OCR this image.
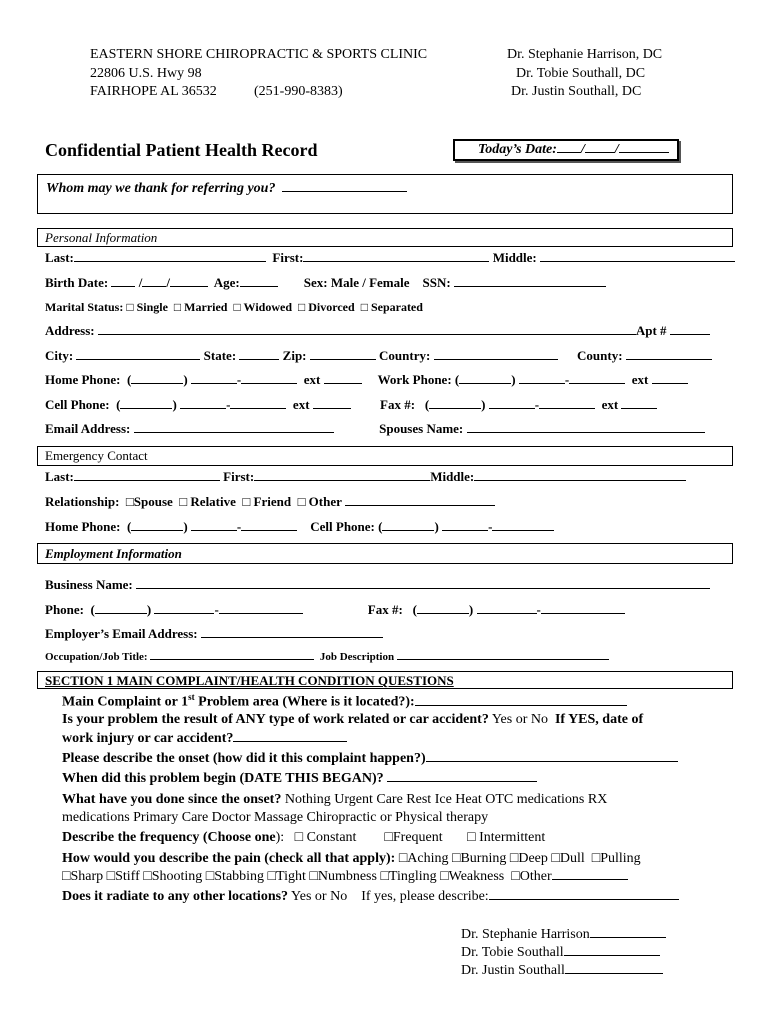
EASTERN SHORE CHIROPRACTIC & SPORTS CLINIC
22806 U.S. Hwy 98
FAIRHOPE AL 36532	(251-990-8383)
Dr. Stephanie Harrison, DC
Dr. Tobie Southall, DC
Dr. Justin Southall, DC
Confidential Patient Health Record	Today’s Date: / /
Whom may we thank for referring you?
Personal Information
Last:	First:	Middle:
Birth Date:  / /	Age:	Sex: Male / Female SSN:
Marital Status: □ Single □ Married □ Widowed □ Divorced □ Separated
Address:	Apt #
City:	State:	Zip:	Country:	County:
Home Phone:  (	)	-	ext	Work Phone: (	)	-	ext
Cell Phone:  (	)	-	ext	Fax #:   (	)	-	ext
Email Address:	Spouses Name:
Emergency Contact
Last:	First:	Middle:
Relationship: □Spouse □ Relative □ Friend □ Other
Home Phone:  (	)	-	Cell Phone: (	)	-
Employment Information
Business Name:
Phone:  (	)	-	Fax #:   (	)	-
Employer’s Email Address:
Occupation/Job Title:	Job Description
SECTION 1 MAIN COMPLAINT/HEALTH CONDITION QUESTIONS
Main Complaint or 1st Problem area (Where is it located?):
Is your problem the result of ANY type of work related or car accident? Yes or No If YES, date of
work injury or car accident?
Please describe the onset (how did it this complaint happen?)
When did this problem begin (DATE THIS BEGAN)?
What have you done since the onset? Nothing Urgent Care Rest Ice Heat OTC medications RX
medications Primary Care Doctor Massage Chiropractic or Physical therapy
Describe the frequency (Choose one): □ Constant □Frequent □ Intermittent
How would you describe the pain (check all that apply): □Aching □Burning □Deep □Dull □Pulling
□Sharp □Stiff □Shooting □Stabbing □Tight □Numbness □Tingling □Weakness □Other
Does it radiate to any other locations? Yes or No If yes, please describe:
Dr. Stephanie Harrison
Dr. Tobie Southall
Dr. Justin Southall
